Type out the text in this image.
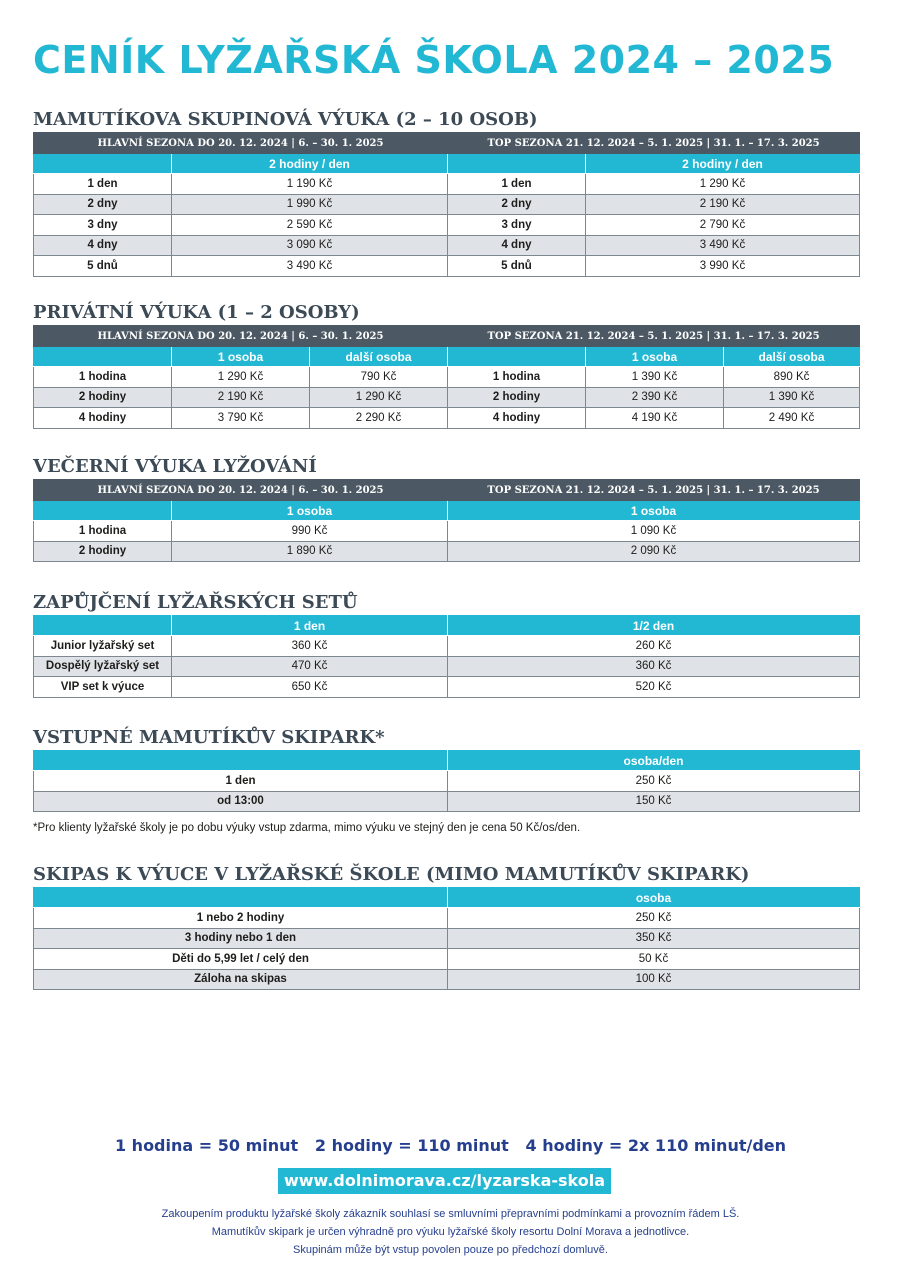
CENÍK LYŽAŘSKÁ ŠKOLA 2024 – 2025
MAMUTÍKOVA SKUPINOVÁ VÝUKA (2 – 10 OSOB)
HLAVNÍ SEZONA DO 20. 12. 2024 | 6. – 30. 1. 2025		TOP SEZONA 21. 12. 2024 – 5. 1. 2025 | 31. 1. – 17. 3. 2025	
	2 hodiny / den		2 hodiny / den
1 den	1 190 Kč	1 den	1 290 Kč
2 dny	1 990 Kč	2 dny	2 190 Kč
3 dny	2 590 Kč	3 dny	2 790 Kč
4 dny	3 090 Kč	4 dny	3 490 Kč
5 dnů	3 490 Kč	5 dnů	3 990 Kč
PRIVÁTNÍ VÝUKA (1 – 2 OSOBY)
HLAVNÍ SEZONA DO 20. 12. 2024 | 6. – 30. 1. 2025			TOP SEZONA 21. 12. 2024 – 5. 1. 2025 | 31. 1. – 17. 3. 2025		
	1 osoba	další osoba		1 osoba	další osoba
1 hodina	1 290 Kč	790 Kč	1 hodina	1 390 Kč	890 Kč
2 hodiny	2 190 Kč	1 290 Kč	2 hodiny	2 390 Kč	1 390 Kč
4 hodiny	3 790 Kč	2 290 Kč	4 hodiny	4 190 Kč	2 490 Kč
VEČERNÍ VÝUKA LYŽOVÁNÍ
HLAVNÍ SEZONA DO 20. 12. 2024 | 6. – 30. 1. 2025		TOP SEZONA 21. 12. 2024 – 5. 1. 2025 | 31. 1. – 17. 3. 2025
	1 osoba	1 osoba
1 hodina	990 Kč	1 090 Kč
2 hodiny	1 890 Kč	2 090 Kč
ZAPŮJČENÍ LYŽAŘSKÝCH SETŮ
	1 den	1/2 den
Junior lyžařský set	360 Kč	260 Kč
Dospělý lyžařský set	470 Kč	360 Kč
VIP set k výuce	650 Kč	520 Kč
VSTUPNÉ MAMUTÍKŮV SKIPARK*
	osoba/den
1 den	250 Kč
od 13:00	150 Kč
*Pro klienty lyžařské školy je po dobu výuky vstup zdarma, mimo výuku ve stejný den je cena 50 Kč/os/den.
SKIPAS K VÝUCE V LYŽAŘSKÉ ŠKOLE (MIMO MAMUTÍKŮV SKIPARK)
	osoba
1 nebo 2 hodiny	250 Kč
3 hodiny nebo 1 den	350 Kč
Děti do 5,99 let / celý den	50 Kč
Záloha na skipas	100 Kč
1 hodina = 50 minut   2 hodiny = 110 minut   4 hodiny = 2x 110 minut/den
www.dolnimorava.cz/lyzarska-skola
Zakoupením produktu lyžařské školy zákazník souhlasí se smluvními přepravními podmínkami a provozním řádem LŠ.
Mamutíkův skipark je určen výhradně pro výuku lyžařské školy resortu Dolní Morava a jednotlivce.
Skupinám může být vstup povolen pouze po předchozí domluvě.
